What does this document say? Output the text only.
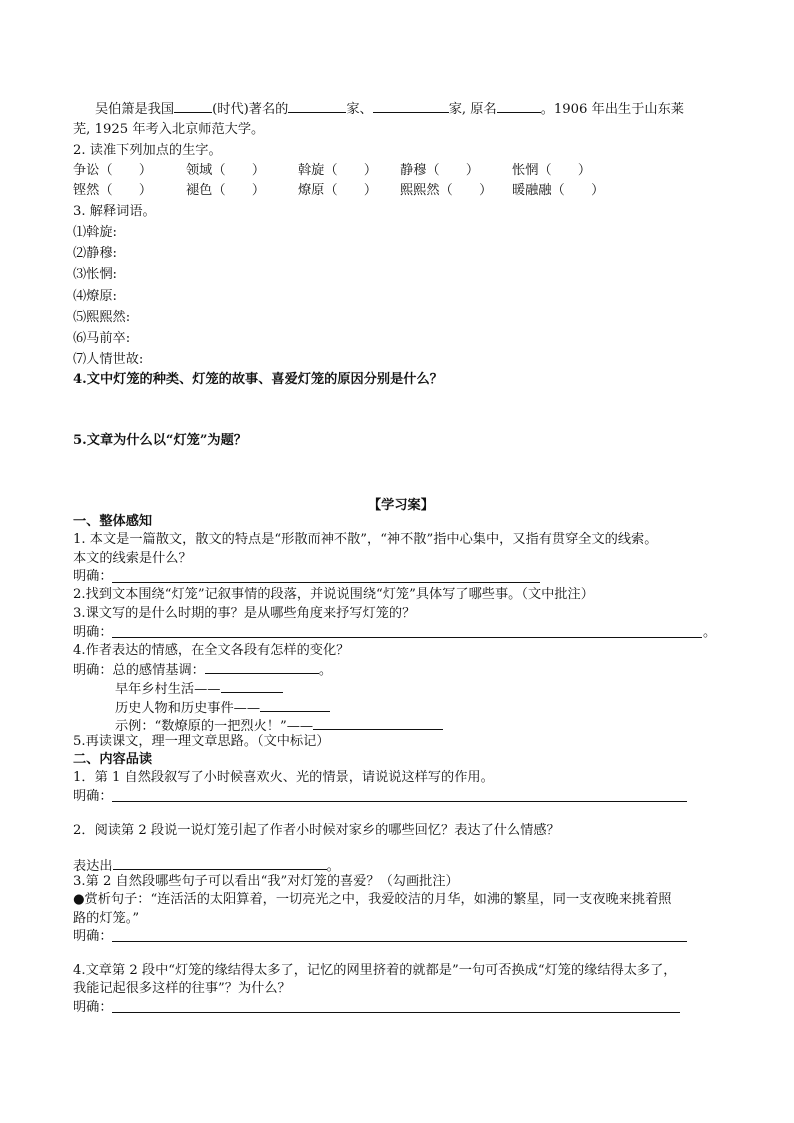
吴伯箫是我国	(时代)著名的	家、	家, 原名	。1906 年出生于山东莱
芜, 1925 年考入北京师范大学。
2. 读准下列加点的生字。
争讼（　　）	领域（　　） 斡旋（　　） 静穆（　　） 怅惘（　　）
铿然（　　）	褪色（　　） 燎原（　　） 熙熙然（　　） 暖融融（　　）
3. 解释词语。
⑴斡旋:
⑵静穆:
⑶怅惘:
⑷燎原:
⑸熙熙然:
⑹马前卒:
⑺人情世故:
4.文中灯笼的种类、灯笼的故事、喜爱灯笼的原因分别是什么？
5.文章为什么以“灯笼”为题？
【学习案】
一、整体感知
1. 本文是一篇散文，散文的特点是“形散而神不散”，“神不散”指中心集中，又指有贯穿全文的线索。
本文的线索是什么？
明确：
2.找到文本围绕“灯笼”记叙事情的段落，并说说围绕“灯笼”具体写了哪些事。（文中批注）
3.课文写的是什么时期的事？是从哪些角度来抒写灯笼的？
明确：	。
4.作者表达的情感，在全文各段有怎样的变化？
明确：总的感情基调：	。
早年乡村生活——
历史人物和历史事件——
示例：“数燎原的一把烈火！”——
5.再读课文，理一理文章思路。（文中标记）
二、内容品读
1．第 1 自然段叙写了小时候喜欢火、光的情景，请说说这样写的作用。
明确：
2．阅读第 2 段说一说灯笼引起了作者小时候对家乡的哪些回忆？表达了什么情感？
表达出	。
3.第 2 自然段哪些句子可以看出“我”对灯笼的喜爱？（勾画批注）
●赏析句子：“连活活的太阳算着，一切亮光之中，我爱皎洁的月华，如沸的繁星，同一支夜晚来挑着照
路的灯笼。”
明确：
4.文章第 2 段中“灯笼的缘结得太多了，记忆的网里挤着的就都是”一句可否换成“灯笼的缘结得太多了，
我能记起很多这样的往事”？为什么？
明确：
